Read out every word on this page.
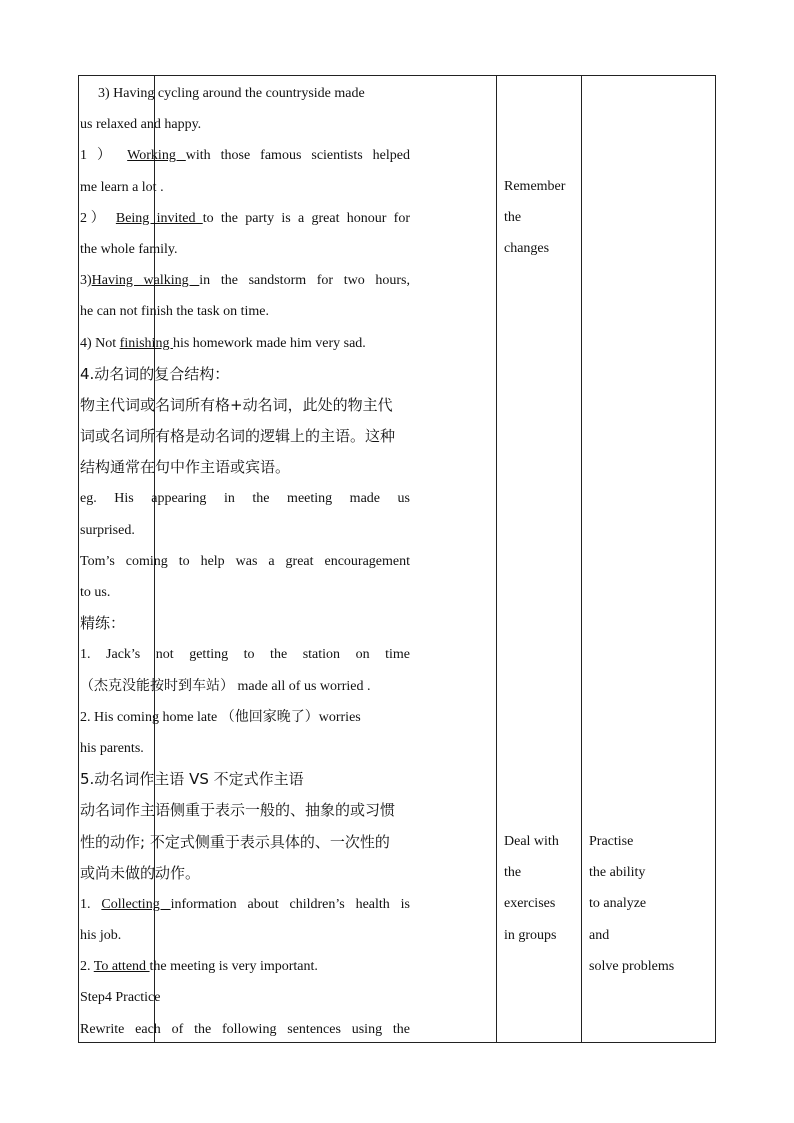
3) Having cycling around the countryside made
us relaxed and happy.
1 ） Working with those famous scientists helped
me learn a lot .
2） Being invited to the party is a great honour for
the whole family.
3)Having walking in the sandstorm for two hours,
he can not finish the task on time.
4) Not finishing his homework made him very sad.
4.动名词的复合结构：
物主代词或名词所有格+动名词，此处的物主代
词或名词所有格是动名词的逻辑上的主语。这种
结构通常在句中作主语或宾语。
eg. His appearing in the meeting made us
surprised.
Tom’s coming to help was a great encouragement
to us.
精练：
1. Jack’s not getting to the station on time
（杰克没能按时到车站） made all of us worried .
2. His coming home late （他回家晚了）worries
his parents.
5.动名词作主语 VS 不定式作主语
动名词作主语侧重于表示一般的、抽象的或习惯
性的动作; 不定式侧重于表示具体的、一次性的
或尚未做的动作。
1. Collecting information about children’s health is
his job.
2. To attend the meeting is very important.
Step4 Practice
Rewrite each of the following sentences using the
Remember
the
changes
Deal with
the
exercises
in groups
Practise
the ability
to analyze
and
solve problems
